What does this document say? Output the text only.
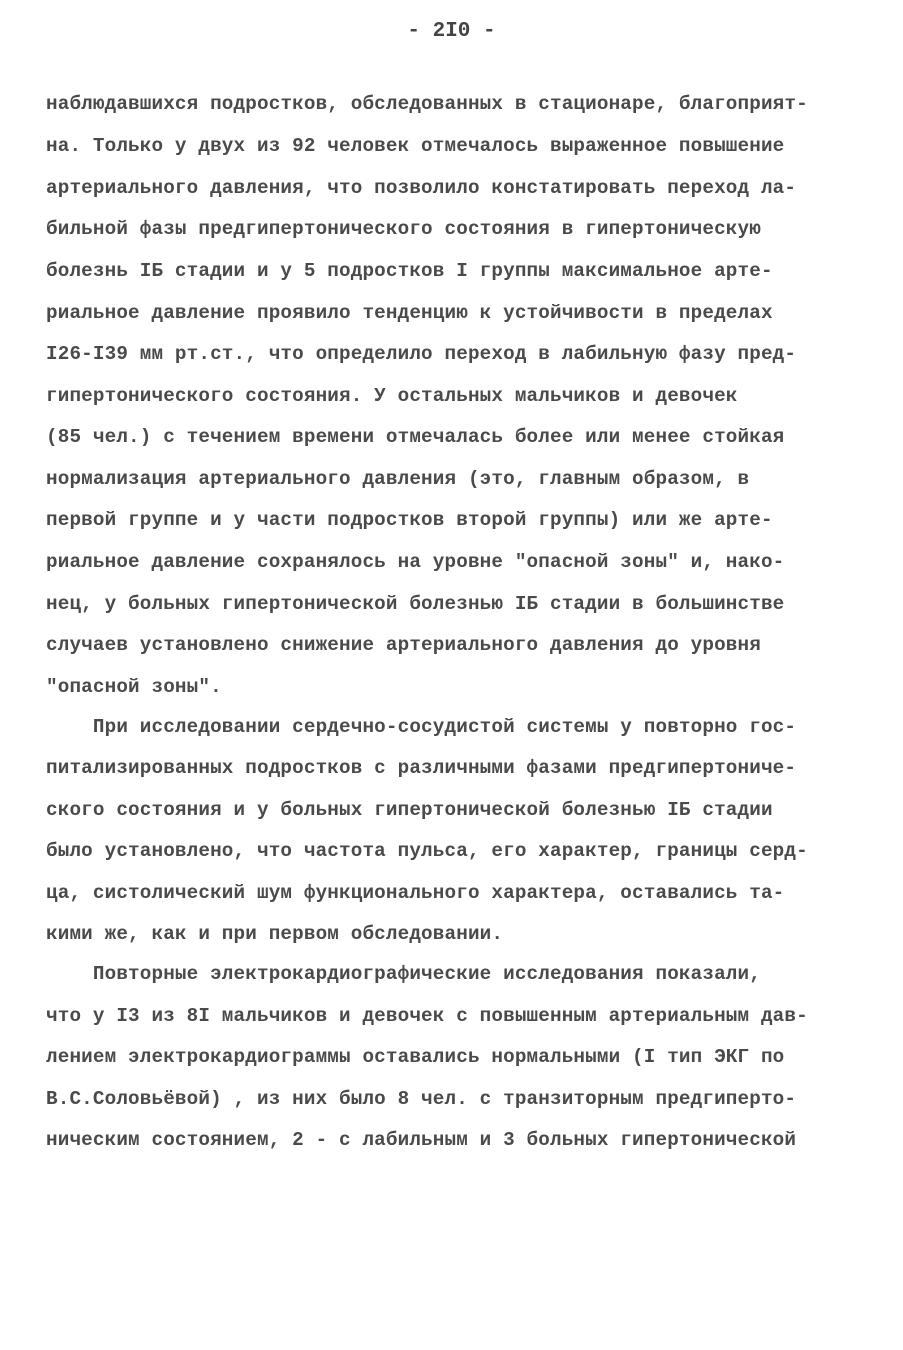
- 2I0 -
наблюдавшихся подростков, обследованных в стационаре, благоприят-
на. Только у двух из 92 человек отмечалось выраженное повышение
артериального давления, что позволило констатировать переход ла-
бильной фазы предгипертонического состояния в гипертоническую
болезнь IБ стадии и у 5 подростков I группы максимальное арте-
риальное давление проявило тенденцию к устойчивости в пределах
I26-I39 мм рт.ст., что определило переход в лабильную фазу пред-
гипертонического состояния. У остальных мальчиков и девочек
(85 чел.) с течением времени отмечалась более или менее стойкая
нормализация артериального давления (это, главным образом, в
первой группе и у части подростков второй группы) или же арте-
риальное давление сохранялось на уровне "опасной зоны" и, нако-
нец, у больных гипертонической болезнью IБ стадии в большинстве
случаев установлено снижение артериального давления до уровня
"опасной зоны".
При исследовании сердечно-сосудистой системы у повторно гос-
питализированных подростков с различными фазами предгипертониче-
ского состояния и у больных гипертонической болезнью IБ стадии
было установлено, что частота пульса, его характер, границы серд-
ца, систолический шум функционального характера, оставались та-
кими же, как и при первом обследовании.
Повторные электрокардиографические исследования показали,
что у I3 из 8I мальчиков и девочек с повышенным артериальным дав-
лением электрокардиограммы оставались нормальными (I тип ЭКГ по
В.С.Соловьёвой) , из них было 8 чел. с транзиторным предгиперто-
ническим состоянием, 2 - с лабильным и 3 больных гипертонической
